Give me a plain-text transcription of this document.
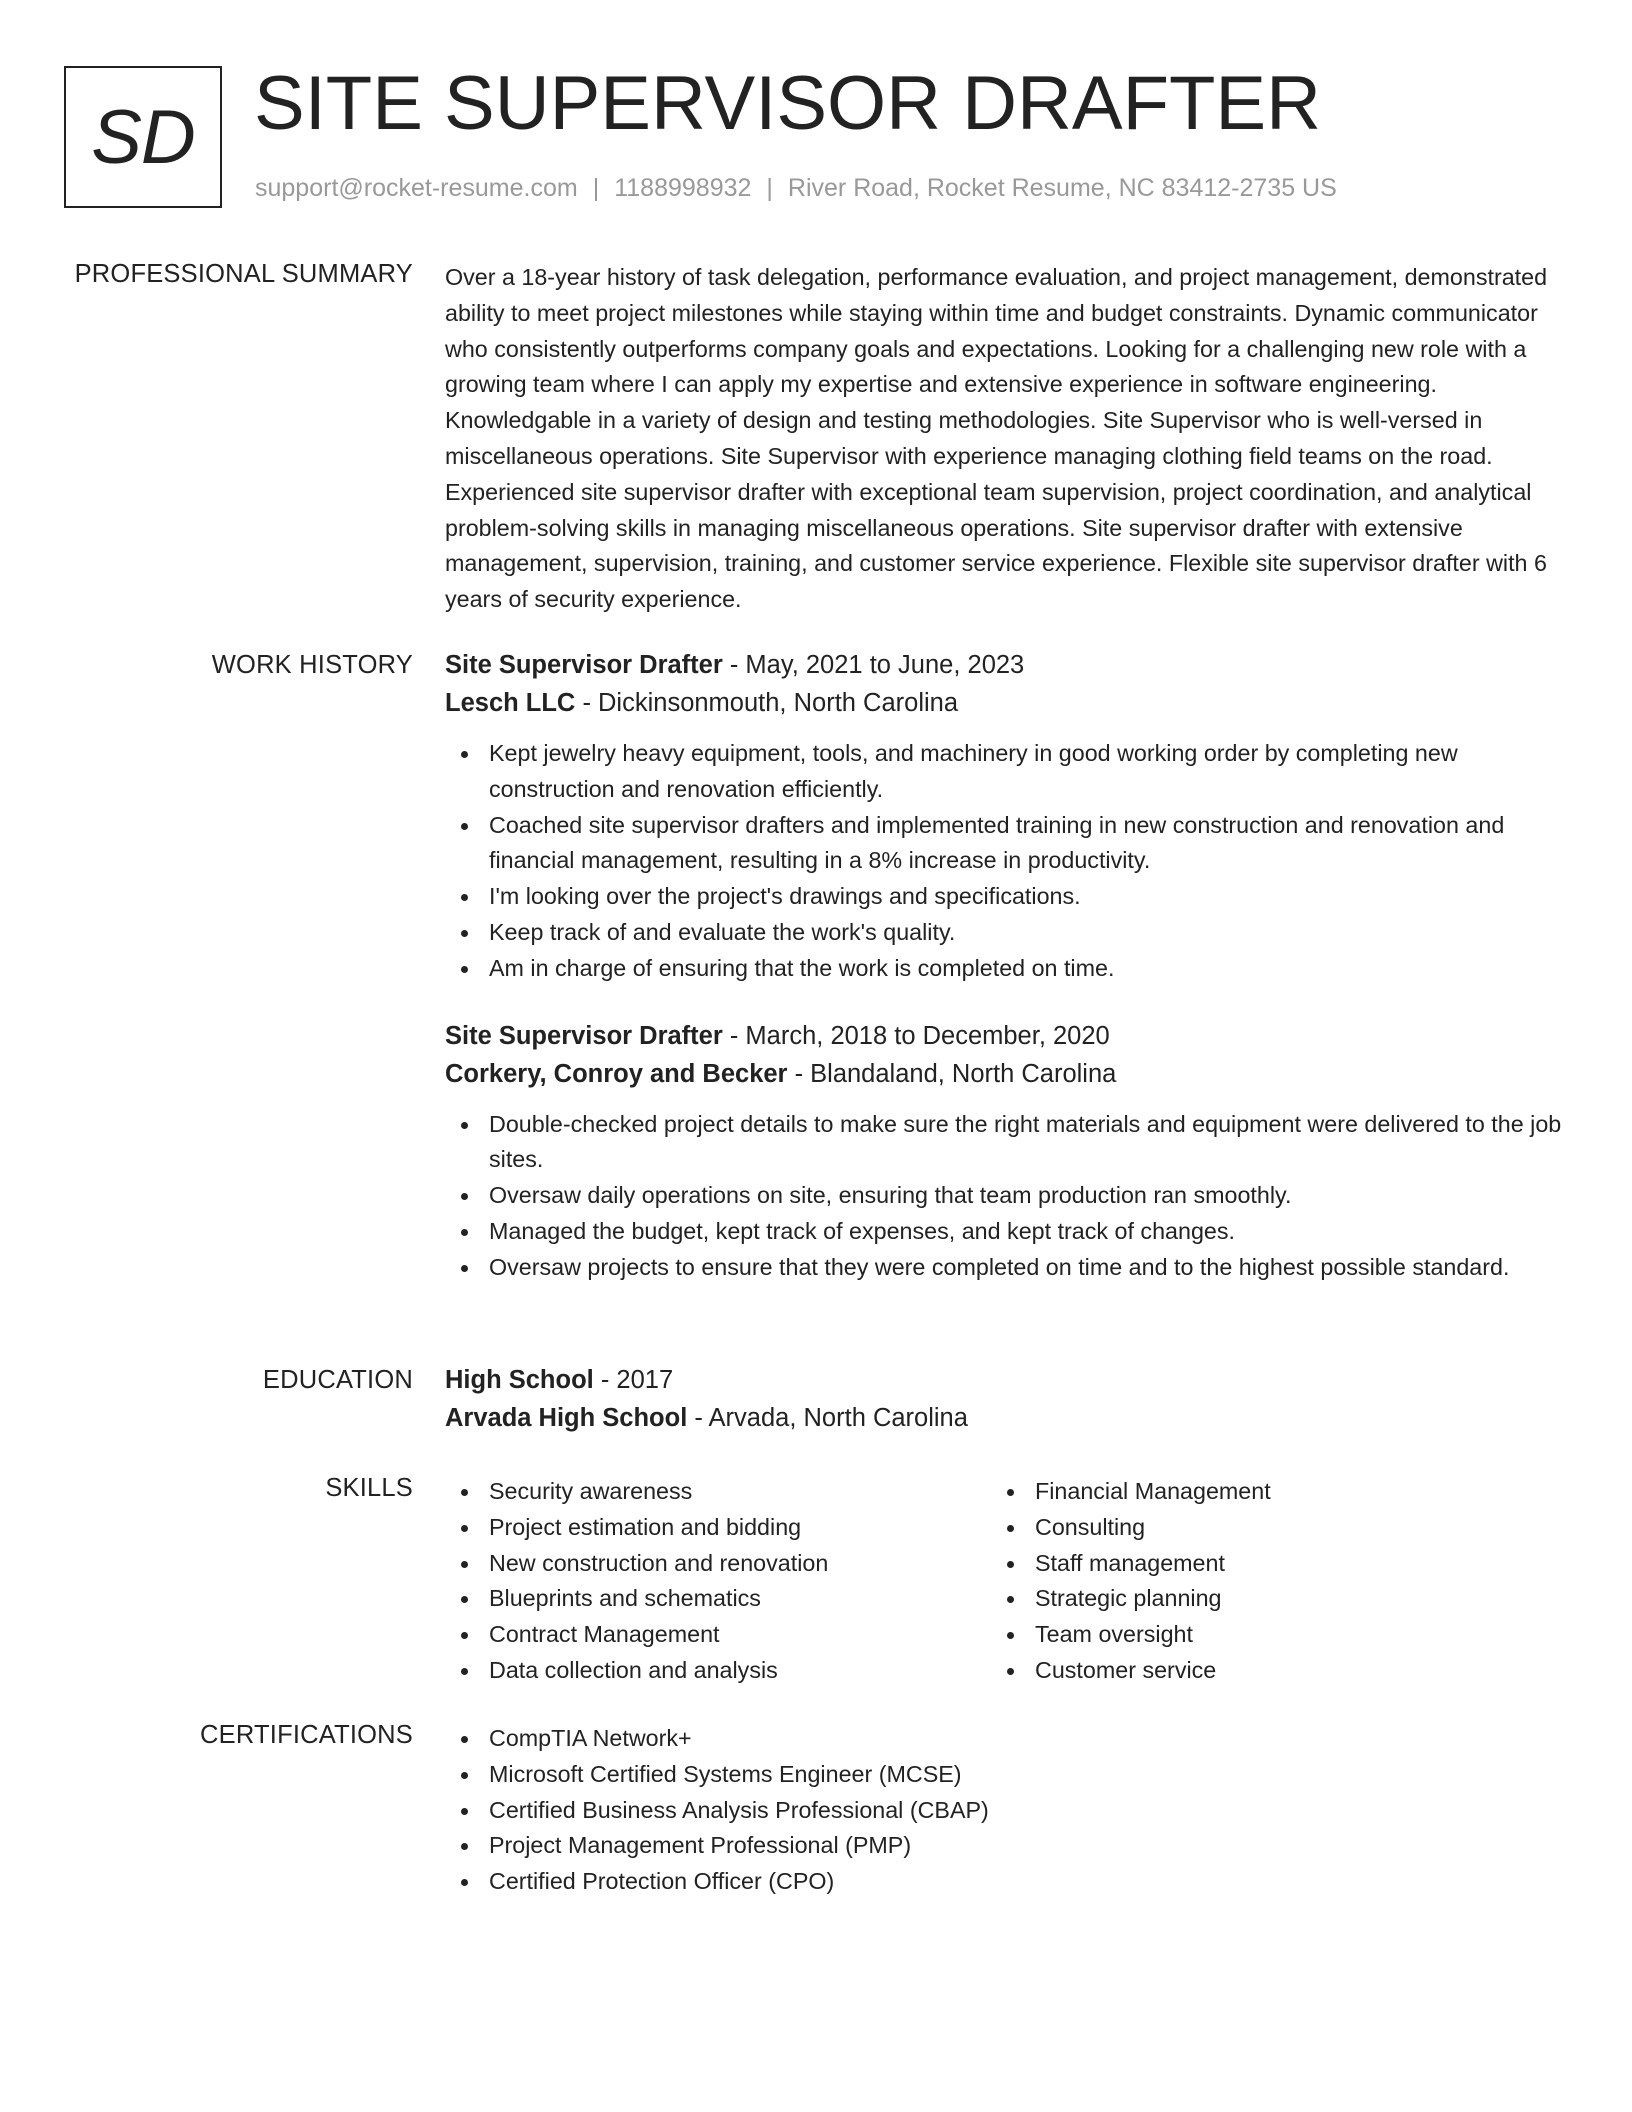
SD SITE SUPERVISOR DRAFTER
support@rocket-resume.com | 1188998932 | River Road, Rocket Resume, NC 83412-2735 US
PROFESSIONAL SUMMARY Over a 18-year history of task delegation, performance evaluation, and project management, demonstrated ability to meet project milestones while staying within time and budget constraints. Dynamic communicator who consistently outperforms company goals and expectations. Looking for a challenging new role with a growing team where I can apply my expertise and extensive experience in software engineering. Knowledgable in a variety of design and testing methodologies. Site Supervisor who is well-versed in miscellaneous operations. Site Supervisor with experience managing clothing field teams on the road. Experienced site supervisor drafter with exceptional team supervision, project coordination, and analytical problem-solving skills in managing miscellaneous operations. Site supervisor drafter with extensive management, supervision, training, and customer service experience. Flexible site supervisor drafter with 6 years of security experience.

WORK HISTORY Site Supervisor Drafter - May, 2021 to June, 2023
Lesch LLC - Dickinsonmouth, North Carolina
Kept jewelry heavy equipment, tools, and machinery in good working order by completing new construction and renovation efficiently.
Coached site supervisor drafters and implemented training in new construction and renovation and financial management, resulting in a 8% increase in productivity.
I'm looking over the project's drawings and specifications.
Keep track of and evaluate the work's quality.
Am in charge of ensuring that the work is completed on time.
Site Supervisor Drafter - March, 2018 to December, 2020
Corkery, Conroy and Becker - Blandaland, North Carolina
Double-checked project details to make sure the right materials and equipment were delivered to the job sites.
Oversaw daily operations on site, ensuring that team production ran smoothly.
Managed the budget, kept track of expenses, and kept track of changes.
Oversaw projects to ensure that they were completed on time and to the highest possible standard.
EDUCATION High School - 2017
Arvada High School - Arvada, North Carolina
SKILLS	Security awareness
Project estimation and bidding
New construction and renovation
Blueprints and schematics
Contract Management
Data collection and analysis
Financial Management
Consulting
Staff management
Strategic planning
Team oversight
Customer service
CERTIFICATIONS	CompTIA Network+
Microsoft Certified Systems Engineer (MCSE)
Certified Business Analysis Professional (CBAP)
Project Management Professional (PMP)
Certified Protection Officer (CPO)
